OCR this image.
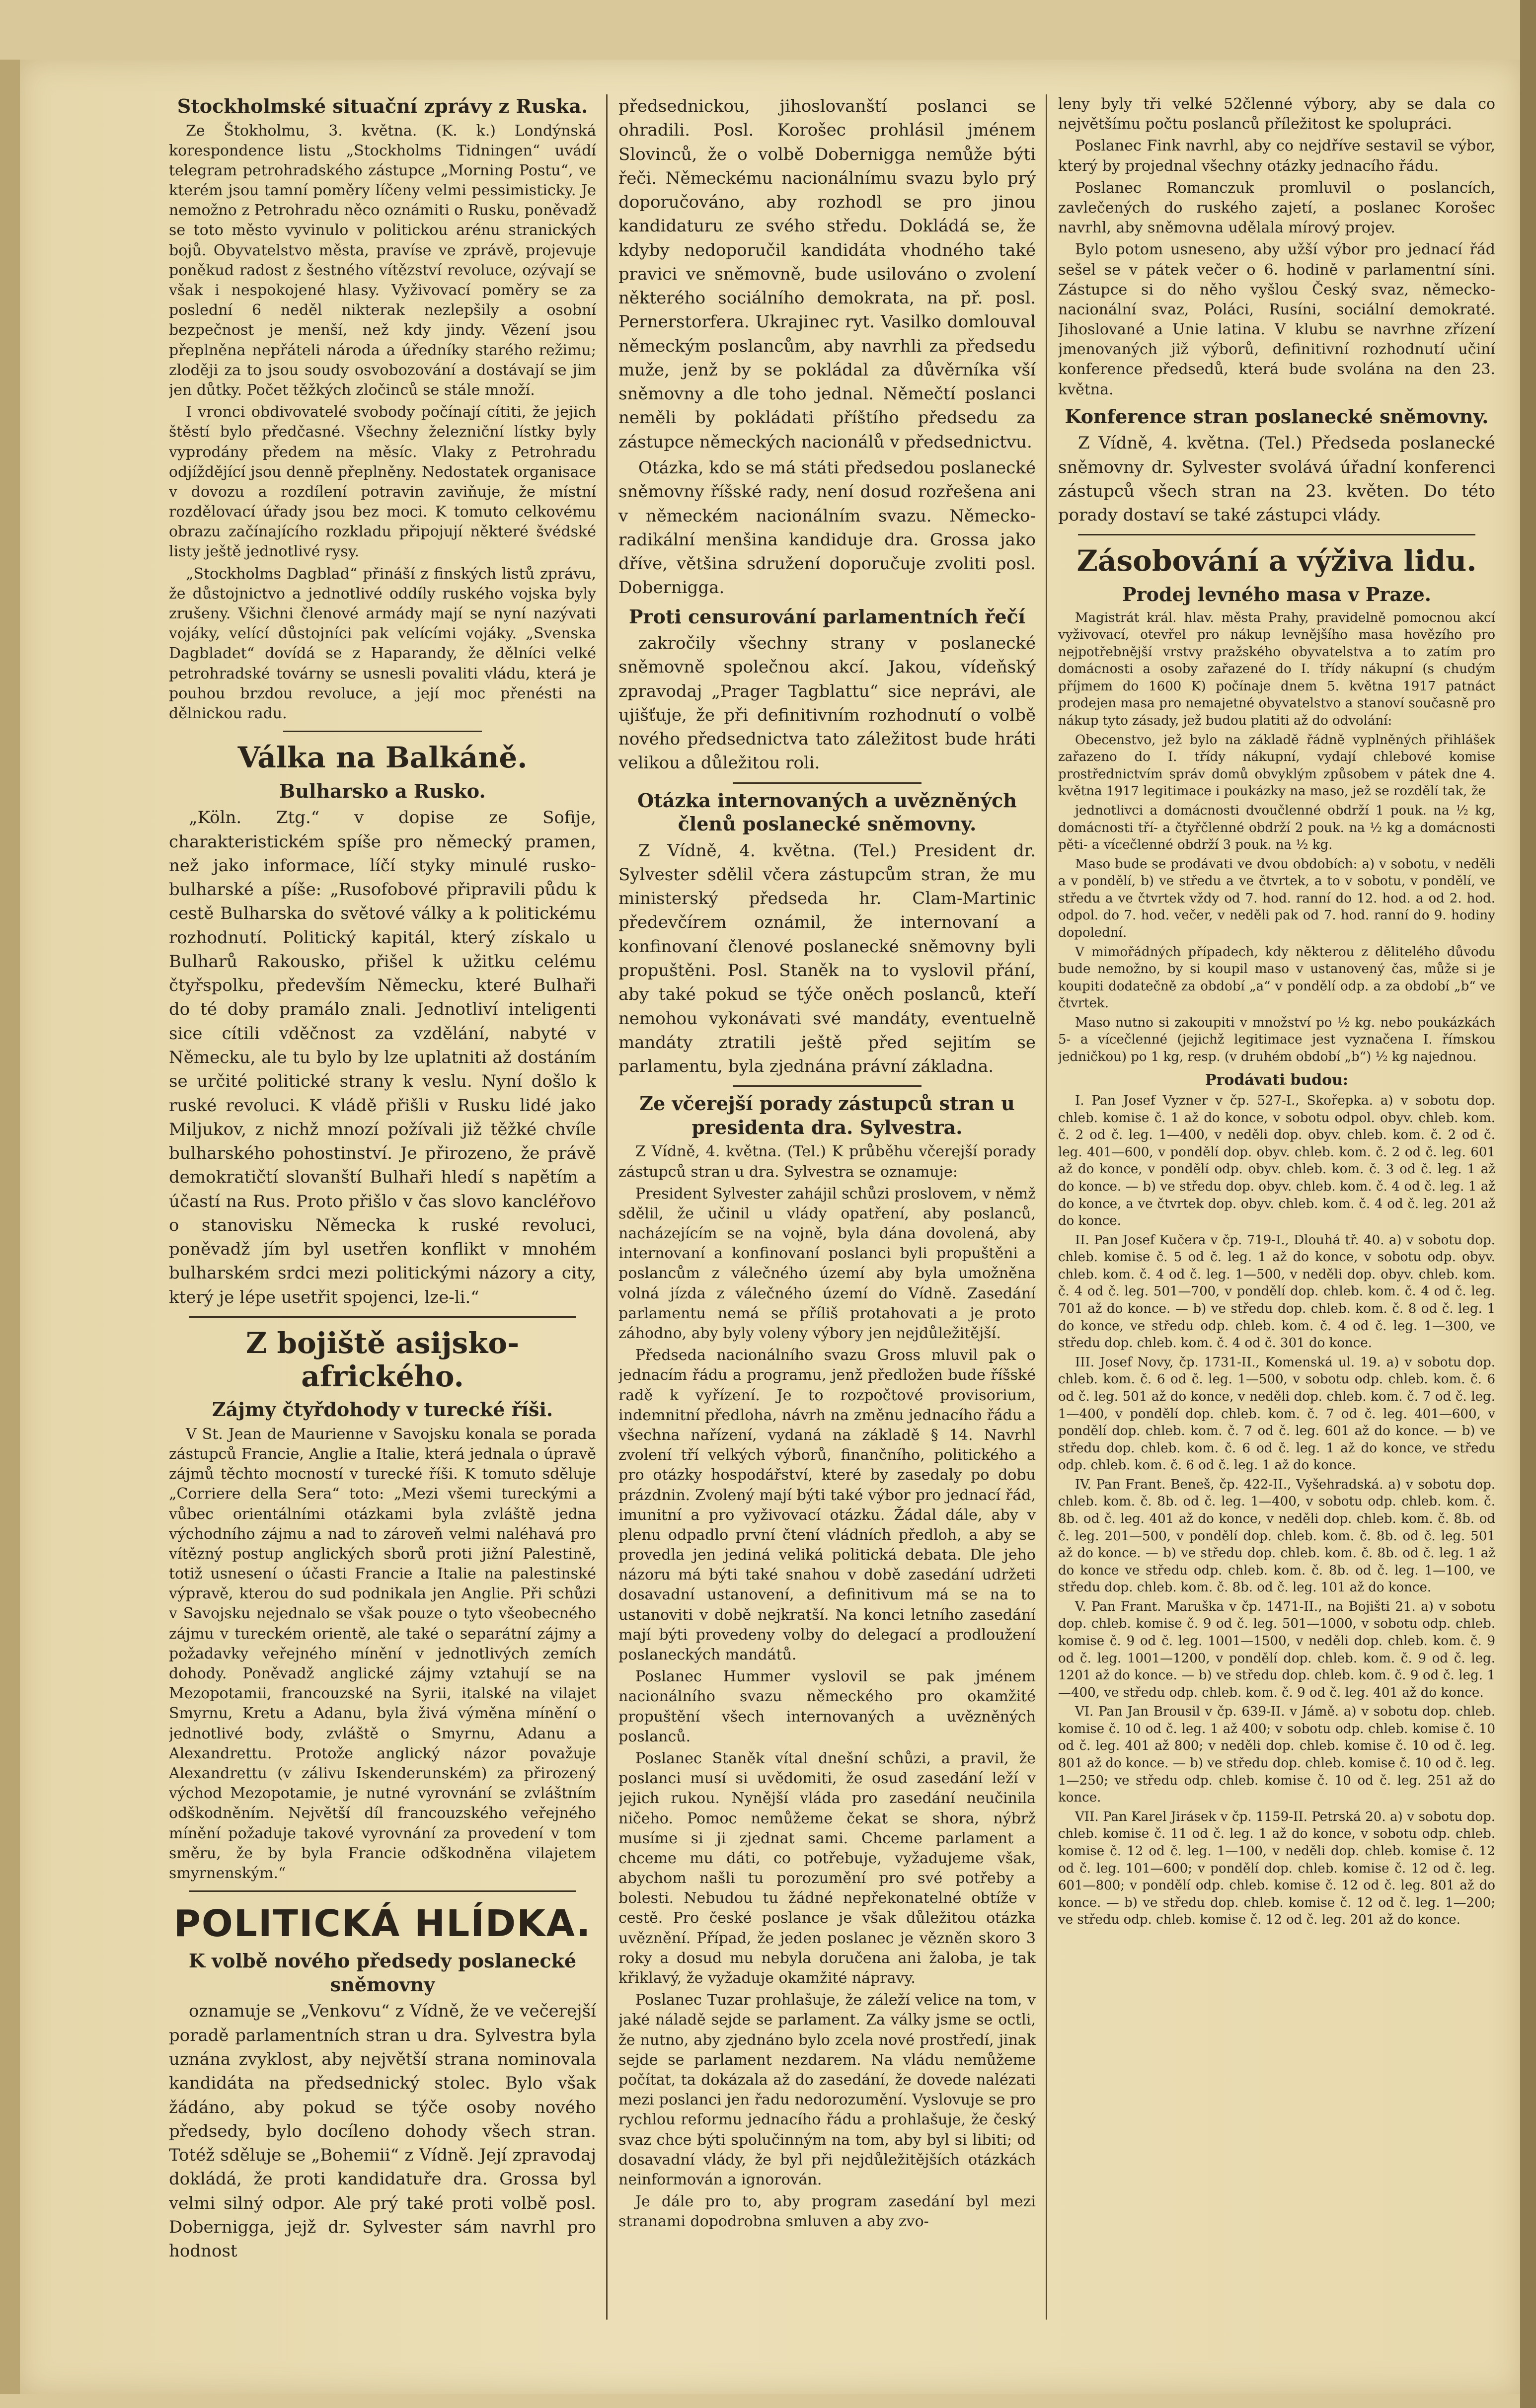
Stockholmské situační zprávy z Ruska.

Ze Štokholmu, 3. května. (K. k.) Londýnská korespondence listu „Stockholms Tidningen“ uvádí telegram petrohradského zástupce „Morning Postu“, ve kterém jsou tamní poměry líčeny velmi pessimisticky. Je nemožno z Petrohradu něco oznámiti o Rusku, poněvadž se toto město vyvinulo v politickou arénu stranických bojů. Obyvatelstvo města, pravíse ve zprávě, projevuje poněkud radost z šestného vítězství revoluce, ozývají se však i nespokojené hlasy. Vyživovací poměry se za poslední 6 neděl nikterak nezlepšily a osobní bezpečnost je menší, než kdy jindy. Vězení jsou přeplněna nepřáteli národa a úředníky starého režimu; zloději za to jsou soudy osvobozování a dostávají se jim jen důtky. Počet těžkých zločinců se stále množí.

I vronci obdivovatelé svobody počínají cítiti, že jejich štěstí bylo předčasné. Všechny železniční lístky byly vyprodány předem na měsíc. Vlaky z Petrohradu odjíždějící jsou denně přeplněny. Nedostatek organisace v dovozu a rozdílení potravin zaviňuje, že místní rozdělovací úřady jsou bez moci. K tomuto celkovému obrazu začínajícího rozkladu připojují některé švédské listy ještě jednotlivé rysy.

„Stockholms Dagblad“ přináší z finských listů zprávu, že důstojnictvo a jednotlivé oddíly ruského vojska byly zrušeny. Všichni členové armády mají se nyní nazývati vojáky, velící důstojníci pak velícími vojáky. „Svenska Dagbladet“ dovídá se z Haparandy, že dělníci velké petrohradské továrny se usnesli povaliti vládu, která je pouhou brzdou revoluce, a její moc přenésti na dělnickou radu.

Válka na Balkáně.
Bulharsko a Rusko.

„Köln. Ztg.“ v dopise ze Sofije, charakteristickém spíše pro německý pramen, než jako informace, líčí styky minulé rusko-bulharské a píše: „Rusofobové připravili půdu k cestě Bulharska do světové války a k politickému rozhodnutí. Politický kapitál, který získalo u Bulharů Rakousko, přišel k užitku celému čtyřspolku, především Německu, které Bulhaři do té doby pramálo znali. Jednotliví inteligenti sice cítili vděčnost za vzdělání, nabyté v Německu, ale tu bylo by lze uplatniti až dostáním se určité politické strany k veslu. Nyní došlo k ruské revoluci. K vládě přišli v Rusku lidé jako Miljukov, z nichž mnozí požívali již těžké chvíle bulharského pohostinství. Je přirozeno, že právě demokratičtí slovanští Bulhaři hledí s napětím a účastí na Rus. Proto přišlo v čas slovo kancléřovo o stanovisku Německa k ruské revoluci, poněvadž jím byl usetřen konflikt v mnohém bulharském srdci mezi politickými názory a city, který je lépe usetřit spojenci, lze-li.“

Z bojiště asijsko-afrického.
Zájmy čtyřdohody v turecké říši.

V St. Jean de Maurienne v Savojsku konala se porada zástupců Francie, Anglie a Italie, která jednala o úpravě zájmů těchto mocností v turecké říši. K tomuto sděluje „Corriere della Sera“ toto: „Mezi všemi tureckými a vůbec orientálními otázkami byla zvláště jedna východního zájmu a nad to zároveň velmi naléhavá pro vítězný postup anglických sborů proti jižní Palestině, totiž usnesení o účasti Francie a Italie na palestinské výpravě, kterou do sud podnikala jen Anglie. Při schůzi v Savojsku nejednalo se však pouze o tyto všeobecného zájmu v tureckém orientě, ale také o separátní zájmy a požadavky veřejného mínění v jednotlivých zemích dohody. Poněvadž anglické zájmy vztahují se na Mezopotamii, francouzské na Syrii, italské na vilajet Smyrnu, Kretu a Adanu, byla živá výměna mínění o jednotlivé body, zvláště o Smyrnu, Adanu a Alexandrettu. Protože anglický názor považuje Alexandrettu (v zálivu Iskenderunském) za přirozený východ Mezopotamie, je nutné vyrovnání se zvláštním odškodněním. Největší díl francouzského veřejného mínění požaduje takové vyrovnání za provedení v tom směru, že by byla Francie odškodněna vilajetem smyrnenským.“

POLITICKÁ HLÍDKA.
K volbě nového předsedy poslanecké sněmovny

oznamuje se „Venkovu“ z Vídně, že ve večerejší poradě parlamentních stran u dra. Sylvestra byla uznána zvyklost, aby největší strana nominovala kandidáta na předsednický stolec. Bylo však žádáno, aby pokud se týče osoby nového předsedy, bylo docíleno dohody všech stran. Totéž sděluje se „Bohemii“ z Vídně. Její zpravodaj dokládá, že proti kandidatuře dra. Grossa byl velmi silný odpor. Ale prý také proti volbě posl. Dobernigga, jejž dr. Sylvester sám navrhl pro hodnost

předsednickou, jihoslovanští poslanci se ohradili. Posl. Korošec prohlásil jménem Slovinců, že o volbě Dobernigga nemůže býti řeči. Německému nacionálnímu svazu bylo prý doporučováno, aby rozhodl se pro jinou kandidaturu ze svého středu. Dokládá se, že kdyby nedoporučil kandidáta vhodného také pravici ve sněmovně, bude usilováno o zvolení některého sociálního demokrata, na př. posl. Pernerstorfera. Ukrajinec ryt. Vasilko domlouval německým poslancům, aby navrhli za předsedu muže, jenž by se pokládal za důvěrníka vší sněmovny a dle toho jednal. Němečtí poslanci neměli by pokládati příštího předsedu za zástupce německých nacionálů v předsednictvu.

Otázka, kdo se má státi předsedou poslanecké sněmovny říšské rady, není dosud rozřešena ani v německém nacionálním svazu. Německo-radikální menšina kandiduje dra. Grossa jako dříve, většina sdružení doporučuje zvoliti posl. Dobernigga.

Proti censurování parlamentních řečí

zakročily všechny strany v poslanecké sněmovně společnou akcí. Jakou, vídeňský zpravodaj „Prager Tagblattu“ sice neprávi, ale ujišťuje, že při definitivním rozhodnutí o volbě nového předsednictva tato záležitost bude hráti velikou a důležitou roli.

Otázka internovaných a uvězněných členů poslanecké sněmovny.

Z Vídně, 4. května. (Tel.) President dr. Sylvester sdělil včera zástupcům stran, že mu ministerský předseda hr. Clam-Martinic předevčírem oznámil, že internovaní a konfinovaní členové poslanecké sněmovny byli propuštěni. Posl. Staněk na to vyslovil přání, aby také pokud se týče oněch poslanců, kteří nemohou vykonávati své mandáty, eventuelně mandáty ztratili ještě před sejitím se parlamentu, byla zjednána právní základna.

Ze včerejší porady zástupců stran u presidenta dra. Sylvestra.

Z Vídně, 4. května. (Tel.) K průběhu včerejší porady zástupců stran u dra. Sylvestra se oznamuje:

President Sylvester zahájil schůzi proslovem, v němž sdělil, že učinil u vlády opatření, aby poslanců, nacházejícím se na vojně, byla dána dovolená, aby internovaní a konfinovaní poslanci byli propuštěni a poslancům z válečného území aby byla umožněna volná jízda z válečného území do Vídně. Zasedání parlamentu nemá se příliš protahovati a je proto záhodno, aby byly voleny výbory jen nejdůležitější.

Předseda nacionálního svazu Gross mluvil pak o jednacím řádu a programu, jenž předložen bude říšské radě k vyřízení. Je to rozpočtové provisorium, indemnitní předloha, návrh na změnu jednacího řádu a všechna nařízení, vydaná na základě § 14. Navrhl zvolení tří velkých výborů, finančního, politického a pro otázky hospodářství, které by zasedaly po dobu prázdnin. Zvolený mají býti také výbor pro jednací řád, imunitní a pro vyživovací otázku. Žádal dále, aby v plenu odpadlo první čtení vládních předloh, a aby se provedla jen jediná veliká politická debata. Dle jeho názoru má býti také snahou v době zasedání udržeti dosavadní ustanovení, a definitivum má se na to ustanoviti v době nejkratší. Na konci letního zasedání mají býti provedeny volby do delegací a prodloužení poslaneckých mandátů.

Poslanec Hummer vyslovil se pak jménem nacionálního svazu německého pro okamžité propuštění všech internovaných a uvězněných poslanců.

Poslanec Staněk vítal dnešní schůzi, a pravil, že poslanci musí si uvědomiti, že osud zasedání leží v jejich rukou. Nynější vláda pro zasedání neučinila ničeho. Pomoc nemůžeme čekat se shora, nýbrž musíme si ji zjednat sami. Chceme parlament a chceme mu dáti, co potřebuje, vyžadujeme však, abychom našli tu porozumění pro své potřeby a bolesti. Nebudou tu žádné nepřekonatelné obtíže v cestě. Pro české poslance je však důležitou otázka uvěznění. Případ, že jeden poslanec je vězněn skoro 3 roky a dosud mu nebyla doručena ani žaloba, je tak křiklavý, že vyžaduje okamžité nápravy.

Poslanec Tuzar prohlašuje, že záleží velice na tom, v jaké náladě sejde se parlament. Za války jsme se octli, že nutno, aby zjednáno bylo zcela nové prostředí, jinak sejde se parlament nezdarem. Na vládu nemůžeme počítat, ta dokázala až do zasedání, že dovede nalézati mezi poslanci jen řadu nedorozumění. Vyslovuje se pro rychlou reformu jednacího řádu a prohlašuje, že český svaz chce býti spolučinným na tom, aby byl si libiti; od dosavadní vlády, že byl při nejdůležitějších otázkách neinformován a ignorován.

Je dále pro to, aby program zasedání byl mezi stranami dopodrobna smluven a aby zvo-

leny byly tři velké 52členné výbory, aby se dala co největšímu počtu poslanců příležitost ke spolupráci.

Poslanec Fink navrhl, aby co nejdříve sestavil se výbor, který by projednal všechny otázky jednacího řádu.

Poslanec Romanczuk promluvil o poslancích, zavlečených do ruského zajetí, a poslanec Korošec navrhl, aby sněmovna udělala mírový projev.

Bylo potom usneseno, aby užší výbor pro jednací řád sešel se v pátek večer o 6. hodině v parlamentní síni. Zástupce si do něho vyšlou Český svaz, německo-nacionální svaz, Poláci, Rusíni, sociální demokraté. Jihoslované a Unie latina. V klubu se navrhne zřízení jmenovaných již výborů, definitivní rozhodnutí učiní konference předsedů, která bude svolána na den 23. května.

Konference stran poslanecké sněmovny.

Z Vídně, 4. května. (Tel.) Předseda poslanecké sněmovny dr. Sylvester svolává úřadní konferenci zástupců všech stran na 23. květen. Do této porady dostaví se také zástupci vlády.

Zásobování a výživa lidu.
Prodej levného masa v Praze.

Magistrát král. hlav. města Prahy, pravidelně pomocnou akcí vyživovací, otevřel pro nákup levnějšího masa hovězího pro nejpotřebnější vrstvy pražského obyvatelstva a to zatím pro domácnosti a osoby zařazené do I. třídy nákupní (s chudým příjmem do 1600 K) počínaje dnem 5. května 1917 patnáct prodejen masa pro nemajetné obyvatelstvo a stanoví současně pro nákup tyto zásady, jež budou platiti až do odvolání:

Obecenstvo, jež bylo na základě řádně vyplněných přihlášek zařazeno do I. třídy nákupní, vydají chlebové komise prostřednictvím správ domů obvyklým způsobem v pátek dne 4. května 1917 legitimace i poukázky na maso, jež se rozdělí tak, že

jednotlivci a domácnosti dvoučlenné obdrží 1 pouk. na ½ kg, domácnosti tří- a čtyřčlenné obdrží 2 pouk. na ½ kg a domácnosti pěti- a vícečlenné obdrží 3 pouk. na ½ kg.

Maso bude se prodávati ve dvou obdobích: a) v sobotu, v neděli a v pondělí, b) ve středu a ve čtvrtek, a to v sobotu, v pondělí, ve středu a ve čtvrtek vždy od 7. hod. ranní do 12. hod. a od 2. hod. odpol. do 7. hod. večer, v neděli pak od 7. hod. ranní do 9. hodiny dopolední.

V mimořádných případech, kdy některou z dělitelého důvodu bude nemožno, by si koupil maso v ustanovený čas, může si je koupiti dodatečně za období „a“ v pondělí odp. a za období „b“ ve čtvrtek.

Maso nutno si zakoupiti v množství po ½ kg. nebo poukázkách 5- a vícečlenné (jejichž legitimace jest vyznačena I. římskou jedničkou) po 1 kg, resp. (v druhém období „b“) ½ kg najednou.

Prodávati budou:

I. Pan Josef Vyzner v čp. 527-I., Skořepka. a) v sobotu dop. chleb. komise č. 1 až do konce, v sobotu odpol. obyv. chleb. kom. č. 2 od č. leg. 1—400, v neděli dop. obyv. chleb. kom. č. 2 od č. leg. 401—600, v pondělí dop. obyv. chleb. kom. č. 2 od č. leg. 601 až do konce, v pondělí odp. obyv. chleb. kom. č. 3 od č. leg. 1 až do konce. — b) ve středu dop. obyv. chleb. kom. č. 4 od č. leg. 1 až do konce, a ve čtvrtek dop. obyv. chleb. kom. č. 4 od č. leg. 201 až do konce.

II. Pan Josef Kučera v čp. 719-I., Dlouhá tř. 40. a) v sobotu dop. chleb. komise č. 5 od č. leg. 1 až do konce, v sobotu odp. obyv. chleb. kom. č. 4 od č. leg. 1—500, v neděli dop. obyv. chleb. kom. č. 4 od č. leg. 501—700, v pondělí dop. chleb. kom. č. 4 od č. leg. 701 až do konce. — b) ve středu dop. chleb. kom. č. 8 od č. leg. 1 do konce, ve středu odp. chleb. kom. č. 4 od č. leg. 1—300, ve středu dop. chleb. kom. č. 4 od č. 301 do konce.

III. Josef Novy, čp. 1731-II., Komenská ul. 19. a) v sobotu dop. chleb. kom. č. 6 od č. leg. 1—500, v sobotu odp. chleb. kom. č. 6 od č. leg. 501 až do konce, v neděli dop. chleb. kom. č. 7 od č. leg. 1—400, v pondělí dop. chleb. kom. č. 7 od č. leg. 401—600, v pondělí dop. chleb. kom. č. 7 od č. leg. 601 až do konce. — b) ve středu dop. chleb. kom. č. 6 od č. leg. 1 až do konce, ve středu odp. chleb. kom. č. 6 od č. leg. 1 až do konce.

IV. Pan Frant. Beneš, čp. 422-II., Vyšehradská. a) v sobotu dop. chleb. kom. č. 8b. od č. leg. 1—400, v sobotu odp. chleb. kom. č. 8b. od č. leg. 401 až do konce, v neděli dop. chleb. kom. č. 8b. od č. leg. 201—500, v pondělí dop. chleb. kom. č. 8b. od č. leg. 501 až do konce. — b) ve středu dop. chleb. kom. č. 8b. od č. leg. 1 až do konce ve středu odp. chleb. kom. č. 8b. od č. leg. 1—100, ve středu dop. chleb. kom. č. 8b. od č. leg. 101 až do konce.

V. Pan Frant. Maruška v čp. 1471-II., na Bojišti 21. a) v sobotu dop. chleb. komise č. 9 od č. leg. 501—1000, v sobotu odp. chleb. komise č. 9 od č. leg. 1001—1500, v neděli dop. chleb. kom. č. 9 od č. leg. 1001—1200, v pondělí dop. chleb. kom. č. 9 od č. leg. 1201 až do konce. — b) ve středu dop. chleb. kom. č. 9 od č. leg. 1—400, ve středu odp. chleb. kom. č. 9 od č. leg. 401 až do konce.

VI. Pan Jan Brousil v čp. 639-II. v Jámě. a) v sobotu dop. chleb. komise č. 10 od č. leg. 1 až 400; v sobotu odp. chleb. komise č. 10 od č. leg. 401 až 800; v neděli dop. chleb. komise č. 10 od č. leg. 801 až do konce. — b) ve středu dop. chleb. komise č. 10 od č. leg. 1—250; ve středu odp. chleb. komise č. 10 od č. leg. 251 až do konce.

VII. Pan Karel Jirásek v čp. 1159-II. Petrská 20. a) v sobotu dop. chleb. komise č. 11 od č. leg. 1 až do konce, v sobotu odp. chleb. komise č. 12 od č. leg. 1—100, v neděli dop. chleb. komise č. 12 od č. leg. 101—600; v pondělí dop. chleb. komise č. 12 od č. leg. 601—800; v pondělí odp. chleb. komise č. 12 od č. leg. 801 až do konce. — b) ve středu dop. chleb. komise č. 12 od č. leg. 1—200; ve středu odp. chleb. komise č. 12 od č. leg. 201 až do konce.
